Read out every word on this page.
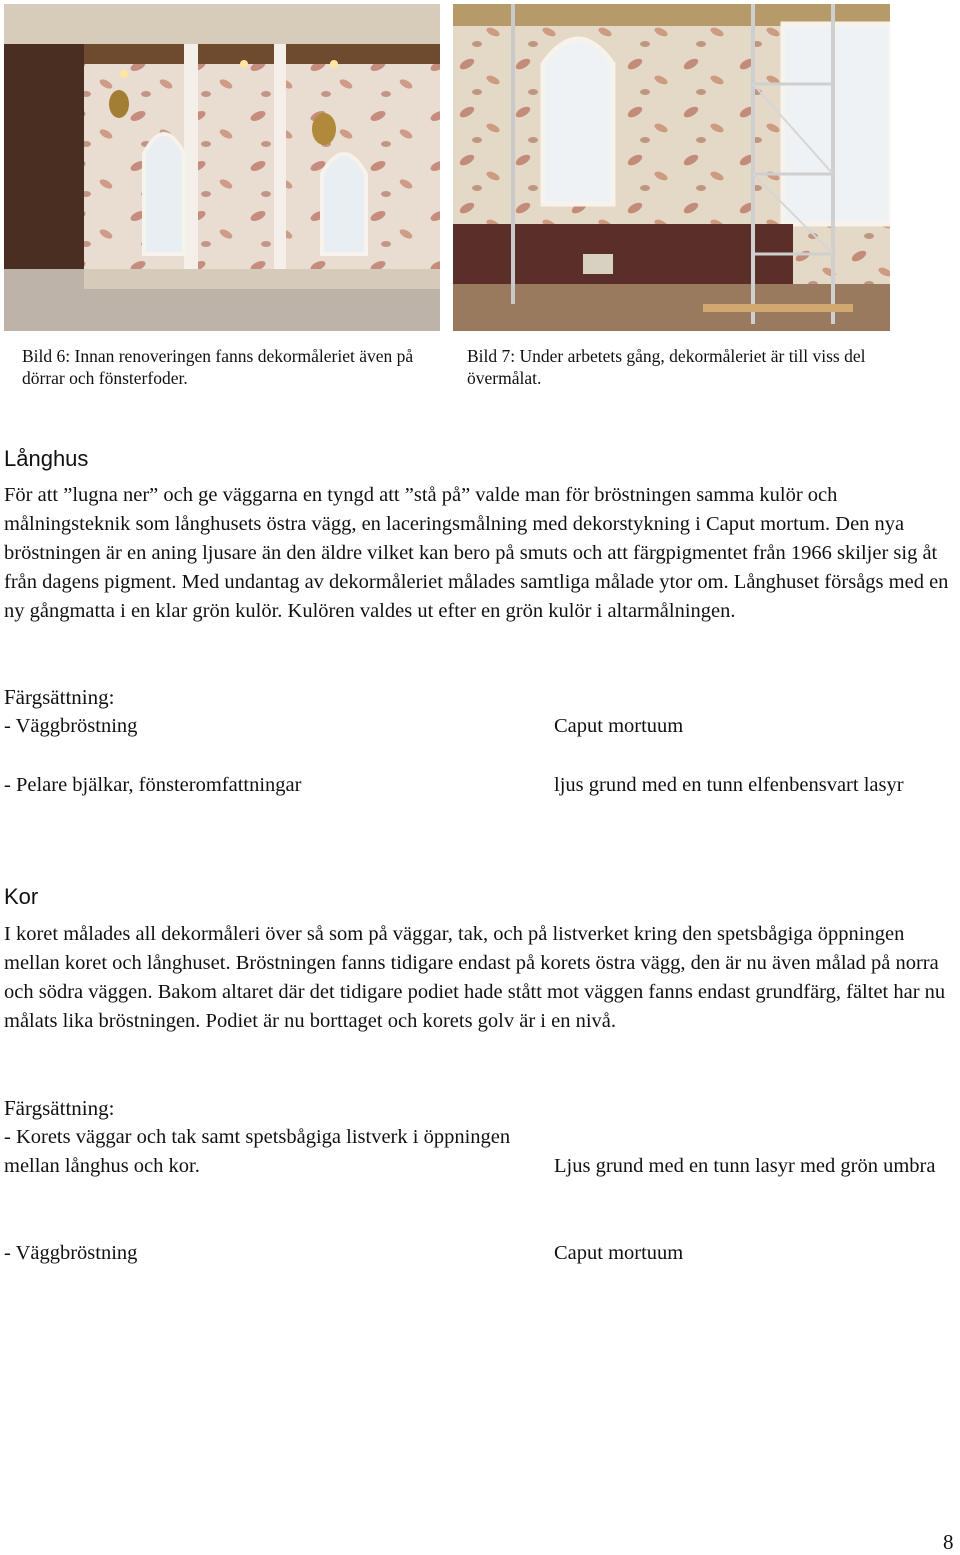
Bild 6: Innan renoveringen fanns dekormåleriet även på dörrar och fönsterfoder.
Bild 7: Under arbetets gång, dekormåleriet är till viss del övermålat.
Långhus
För att ”lugna ner” och ge väggarna en tyngd att ”stå på” valde man för bröstningen samma kulör och målningsteknik som långhusets östra vägg, en laceringsmålning med dekorstykning i Caput mortum. Den nya bröstningen är en aning ljusare än den äldre vilket kan bero på smuts och att färgpigmentet från 1966 skiljer sig åt från dagens pigment. Med undantag av dekormåleriet målades samtliga målade ytor om. Långhuset försågs med en ny gångmatta i en klar grön kulör. Kulören valdes ut efter en grön kulör i altarmålningen.
Färgsättning:
- Väggbröstning	Caput mortuum
- Pelare bjälkar, fönsteromfattningar	ljus grund med en tunn elfenbensvart lasyr
Kor
I koret målades all dekormåleri över så som på väggar, tak, och på listverket kring den spetsbågiga öppningen mellan koret och långhuset. Bröstningen fanns tidigare endast på korets östra vägg, den är nu även målad på norra och södra väggen. Bakom altaret där det tidigare podiet hade stått mot väggen fanns endast grundfärg, fältet har nu målats lika bröstningen. Podiet är nu borttaget och korets golv är i en nivå.
Färgsättning:
- Korets väggar och tak samt spetsbågiga listverk i öppningen mellan långhus och kor.	Ljus grund med en tunn lasyr med grön umbra
- Väggbröstning	Caput mortuum
8
